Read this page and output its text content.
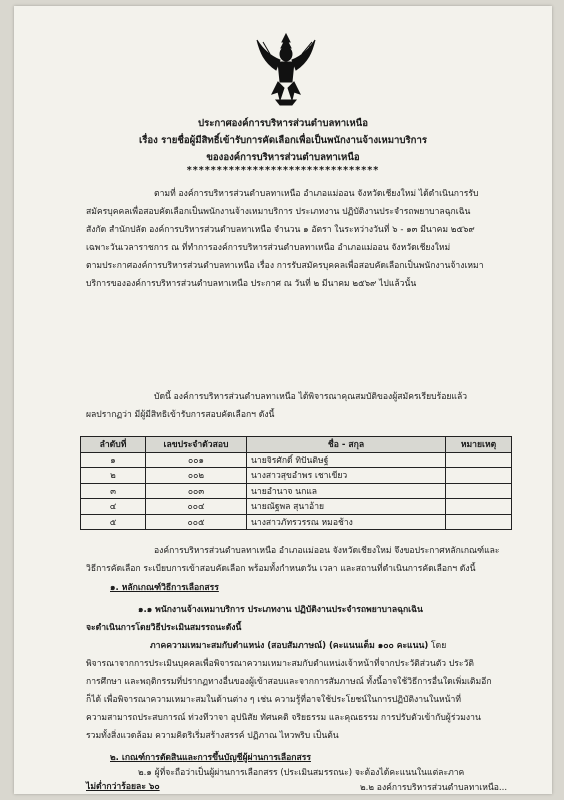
ประกาศองค์การบริหารส่วนตำบลทาเหนือ
เรื่อง รายชื่อผู้มีสิทธิ์เข้ารับการคัดเลือกเพื่อเป็นพนักงานจ้างเหมาบริการ
ขององค์การบริหารส่วนตำบลทาเหนือ
********************************
ตามที่ องค์การบริหารส่วนตำบลทาเหนือ อำเภอแม่ออน จังหวัดเชียงใหม่ ได้ดำเนินการรับ
สมัครบุคคลเพื่อสอบคัดเลือกเป็นพนักงานจ้างเหมาบริการ ประเภทงาน ปฏิบัติงานประจำรถพยาบาลฉุกเฉิน
สังกัด สำนักปลัด องค์การบริหารส่วนตำบลทาเหนือ จำนวน ๑ อัตรา ในระหว่างวันที่ ๖ - ๑๓ มีนาคม ๒๕๖๙
เฉพาะวันเวลาราชการ ณ ที่ทำการองค์การบริหารส่วนตำบลทาเหนือ อำเภอแม่ออน จังหวัดเชียงใหม่
ตามประกาศองค์การบริหารส่วนตำบลทาเหนือ เรื่อง การรับสมัครบุคคลเพื่อสอบคัดเลือกเป็นพนักงานจ้างเหมา
บริการขององค์การบริหารส่วนตำบลทาเหนือ ประกาศ ณ วันที่ ๒ มีนาคม ๒๕๖๙ ไปแล้วนั้น
บัดนี้ องค์การบริหารส่วนตำบลทาเหนือ ได้พิจารณาคุณสมบัติของผู้สมัครเรียบร้อยแล้ว
ผลปรากฏว่า มีผู้มีสิทธิเข้ารับการสอบคัดเลือกฯ ดังนี้
ลำดับที่	เลขประจำตัวสอบ	ชื่อ - สกุล	หมายเหตุ
๑	๐๐๑	นายจิรศักดิ์ ทิปันติษฐ์	
๒	๐๐๒	นางสาวสุขอำพร เชาเขียว	
๓	๐๐๓	นายอำนาจ นกแล	
๔	๐๐๔	นายณัฐพล สุนาอ้าย	
๕	๐๐๕	นางสาวภัทรวรรณ หมอช้าง	
องค์การบริหารส่วนตำบลทาเหนือ อำเภอแม่ออน จังหวัดเชียงใหม่ จึงขอประกาศหลักเกณฑ์และ
วิธีการคัดเลือก ระเบียบการเข้าสอบคัดเลือก พร้อมทั้งกำหนดวัน เวลา และสถานที่ดำเนินการคัดเลือกฯ ดังนี้
๑. หลักเกณฑ์วิธีการเลือกสรร
๑.๑ พนักงานจ้างเหมาบริการ ประเภทงาน ปฏิบัติงานประจำรถพยาบาลฉุกเฉิน
จะดำเนินการโดยวิธีประเมินสมรรถนะดังนี้
ภาคความเหมาะสมกับตำแหน่ง (สอบสัมภาษณ์) (คะแนนเต็ม ๑๐๐ คะแนน) โดย
พิจารณาจากการประเมินบุคคลเพื่อพิจารณาความเหมาะสมกับตำแหน่งเจ้าหน้าที่จากประวัติส่วนตัว ประวัติ
การศึกษา และพฤติกรรมที่ปรากฏทางอื่นของผู้เข้าสอบและจากการสัมภาษณ์ ทั้งนี้อาจใช้วิธีการอื่นใดเพิ่มเติมอีก
ก็ได้ เพื่อพิจารณาความเหมาะสมในด้านต่าง ๆ เช่น ความรู้ที่อาจใช้ประโยชน์ในการปฏิบัติงานในหน้าที่
ความสามารถประสบการณ์ ท่วงทีวาจา อุปนิสัย ทัศนคติ จริยธรรม และคุณธรรม การปรับตัวเข้ากับผู้ร่วมงาน
รวมทั้งสิ่งแวดล้อม ความคิดริเริ่มสร้างสรรค์ ปฏิภาณ ไหวพริบ เป็นต้น
๒. เกณฑ์การตัดสินและการขึ้นบัญชีผู้ผ่านการเลือกสรร
๒.๑ ผู้ที่จะถือว่าเป็นผู้ผ่านการเลือกสรร (ประเมินสมรรถนะ) จะต้องได้คะแนนในแต่ละภาค
ไม่ต่ำกว่าร้อยละ ๖๐	๒.๒ องค์การบริหารส่วนตำบลทาเหนือ...
